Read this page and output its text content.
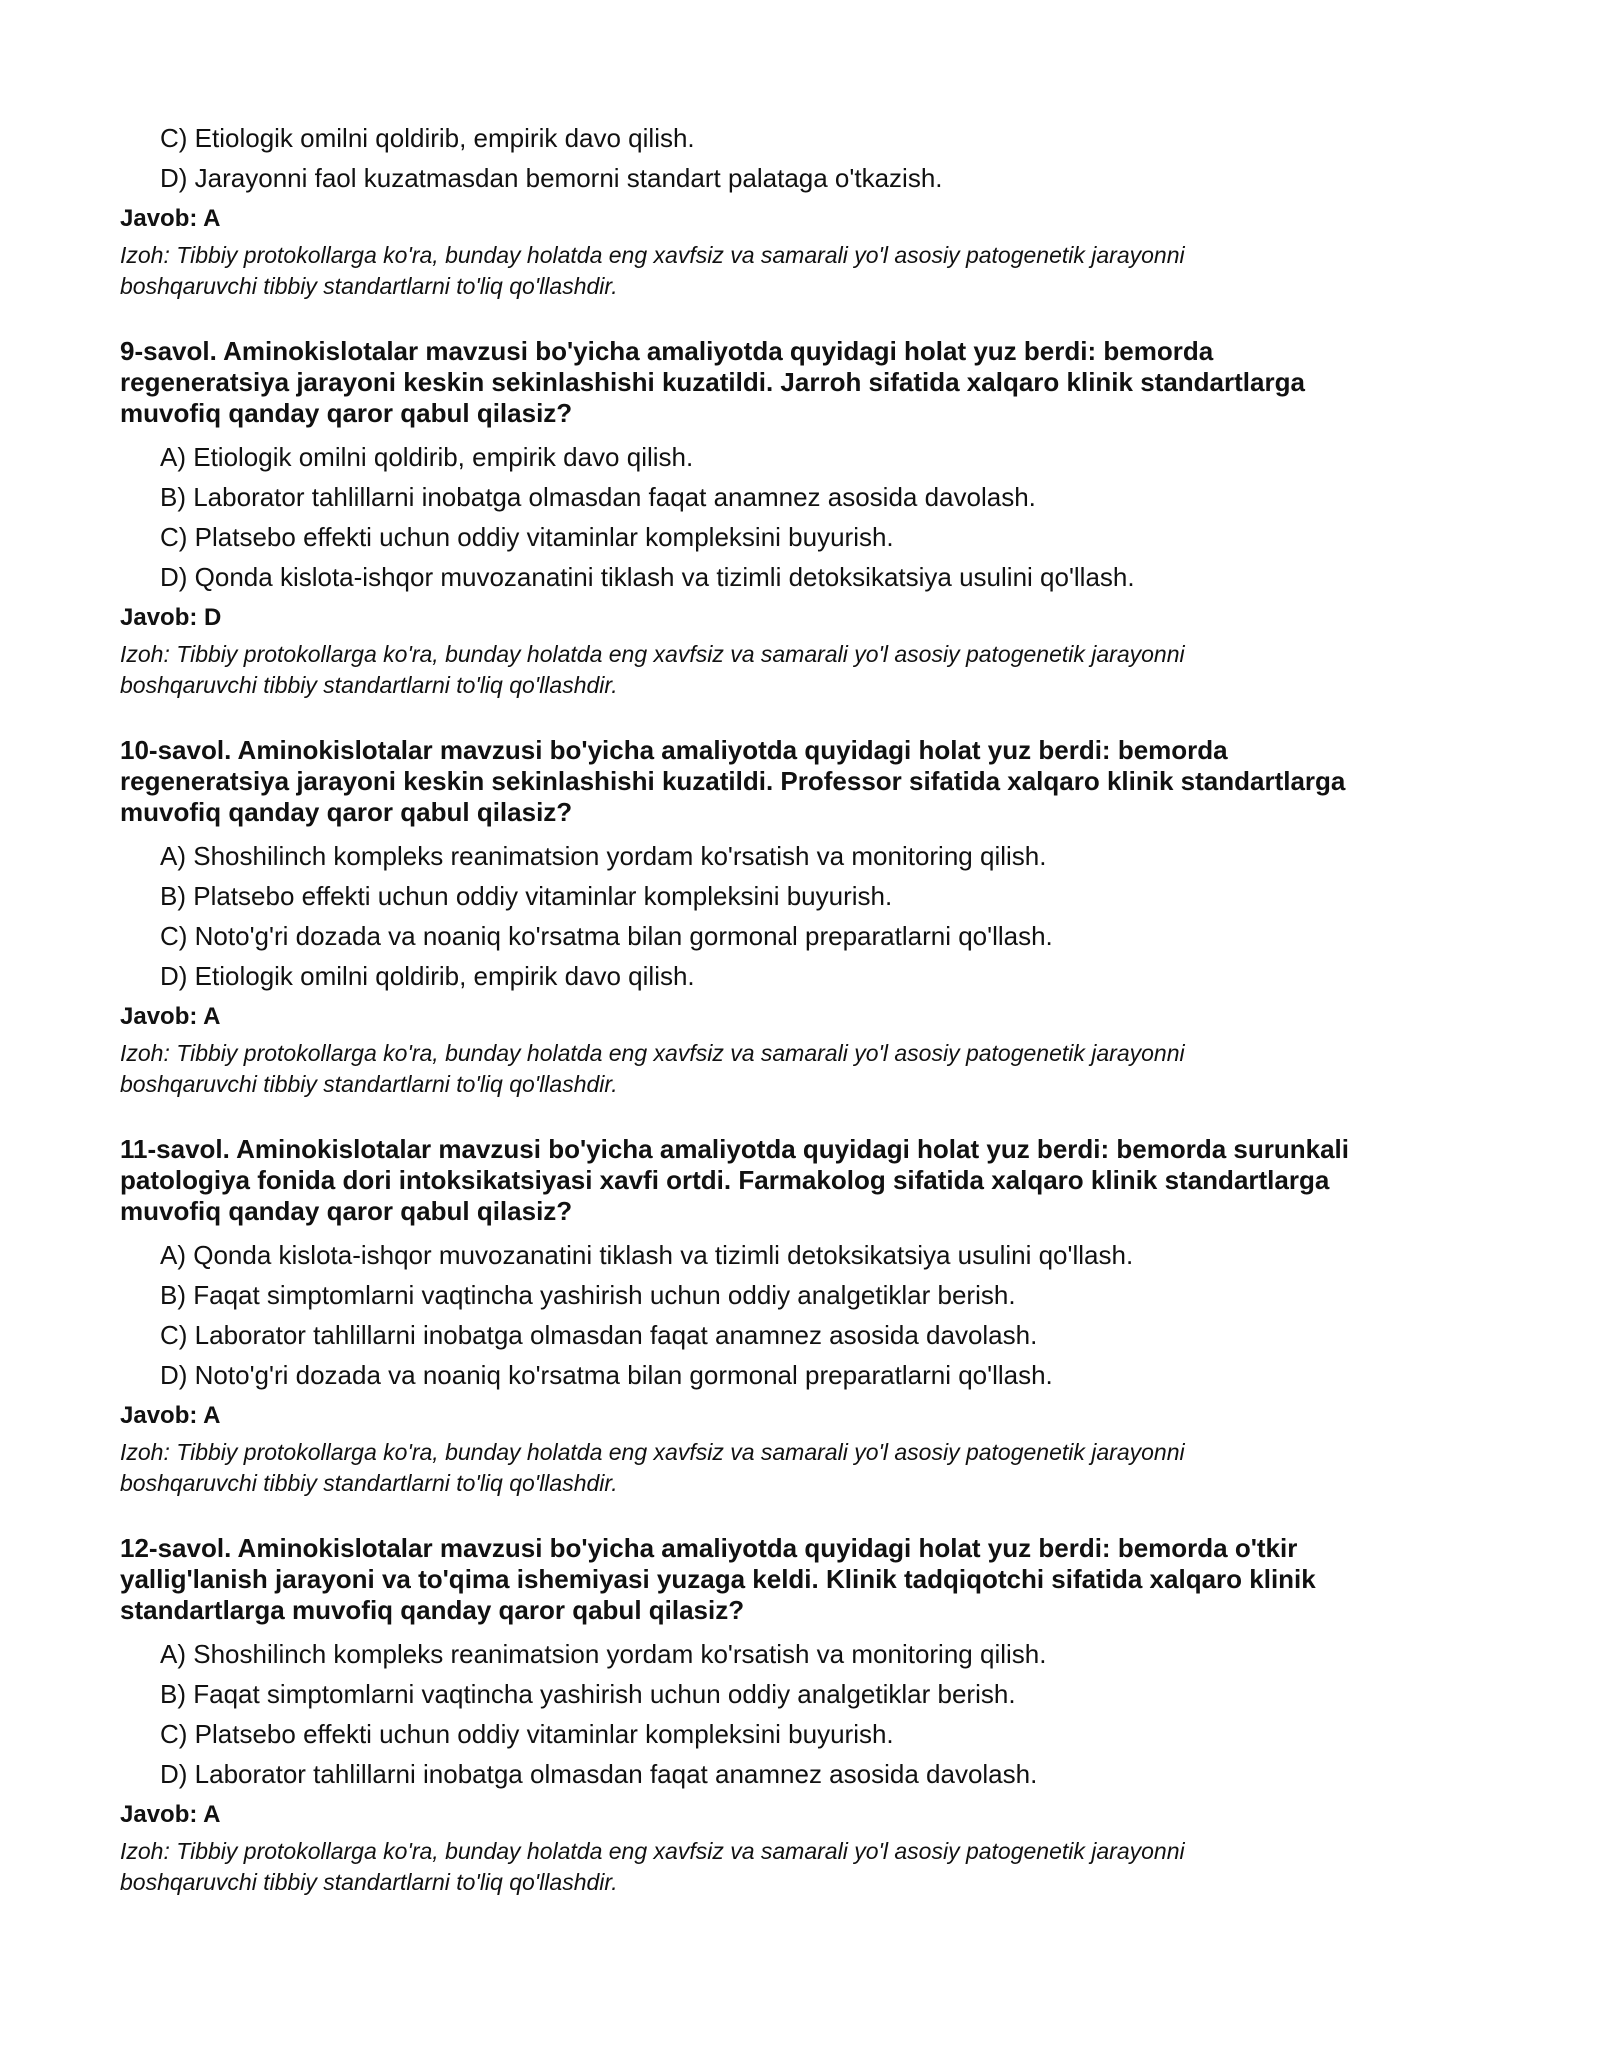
C) Etiologik omilni qoldirib, empirik davo qilish.
D) Jarayonni faol kuzatmasdan bemorni standart palataga o'tkazish.
Javob: A

Izoh: Tibbiy protokollarga ko'ra, bunday holatda eng xavfsiz va samarali yo'l asosiy patogenetik jarayonni

boshqaruvchi tibbiy standartlarni to'liq qo'llashdir.

9-savol. Aminokislotalar mavzusi bo'yicha amaliyotda quyidagi holat yuz berdi: bemorda

regeneratsiya jarayoni keskin sekinlashishi kuzatildi. Jarroh sifatida xalqaro klinik standartlarga

muvofiq qanday qaror qabul qilasiz?

A) Etiologik omilni qoldirib, empirik davo qilish.
B) Laborator tahlillarni inobatga olmasdan faqat anamnez asosida davolash.
C) Platsebo effekti uchun oddiy vitaminlar kompleksini buyurish.
D) Qonda kislota-ishqor muvozanatini tiklash va tizimli detoksikatsiya usulini qo'llash.
Javob: D

Izoh: Tibbiy protokollarga ko'ra, bunday holatda eng xavfsiz va samarali yo'l asosiy patogenetik jarayonni

boshqaruvchi tibbiy standartlarni to'liq qo'llashdir.

10-savol. Aminokislotalar mavzusi bo'yicha amaliyotda quyidagi holat yuz berdi: bemorda

regeneratsiya jarayoni keskin sekinlashishi kuzatildi. Professor sifatida xalqaro klinik standartlarga

muvofiq qanday qaror qabul qilasiz?

A) Shoshilinch kompleks reanimatsion yordam ko'rsatish va monitoring qilish.
B) Platsebo effekti uchun oddiy vitaminlar kompleksini buyurish.
C) Noto'g'ri dozada va noaniq ko'rsatma bilan gormonal preparatlarni qo'llash.
D) Etiologik omilni qoldirib, empirik davo qilish.
Javob: A

Izoh: Tibbiy protokollarga ko'ra, bunday holatda eng xavfsiz va samarali yo'l asosiy patogenetik jarayonni

boshqaruvchi tibbiy standartlarni to'liq qo'llashdir.

11-savol. Aminokislotalar mavzusi bo'yicha amaliyotda quyidagi holat yuz berdi: bemorda surunkali

patologiya fonida dori intoksikatsiyasi xavfi ortdi. Farmakolog sifatida xalqaro klinik standartlarga

muvofiq qanday qaror qabul qilasiz?

A) Qonda kislota-ishqor muvozanatini tiklash va tizimli detoksikatsiya usulini qo'llash.
B) Faqat simptomlarni vaqtincha yashirish uchun oddiy analgetiklar berish.
C) Laborator tahlillarni inobatga olmasdan faqat anamnez asosida davolash.
D) Noto'g'ri dozada va noaniq ko'rsatma bilan gormonal preparatlarni qo'llash.
Javob: A

Izoh: Tibbiy protokollarga ko'ra, bunday holatda eng xavfsiz va samarali yo'l asosiy patogenetik jarayonni

boshqaruvchi tibbiy standartlarni to'liq qo'llashdir.

12-savol. Aminokislotalar mavzusi bo'yicha amaliyotda quyidagi holat yuz berdi: bemorda o'tkir

yallig'lanish jarayoni va to'qima ishemiyasi yuzaga keldi. Klinik tadqiqotchi sifatida xalqaro klinik

standartlarga muvofiq qanday qaror qabul qilasiz?

A) Shoshilinch kompleks reanimatsion yordam ko'rsatish va monitoring qilish.
B) Faqat simptomlarni vaqtincha yashirish uchun oddiy analgetiklar berish.
C) Platsebo effekti uchun oddiy vitaminlar kompleksini buyurish.
D) Laborator tahlillarni inobatga olmasdan faqat anamnez asosida davolash.
Javob: A

Izoh: Tibbiy protokollarga ko'ra, bunday holatda eng xavfsiz va samarali yo'l asosiy patogenetik jarayonni

boshqaruvchi tibbiy standartlarni to'liq qo'llashdir.
